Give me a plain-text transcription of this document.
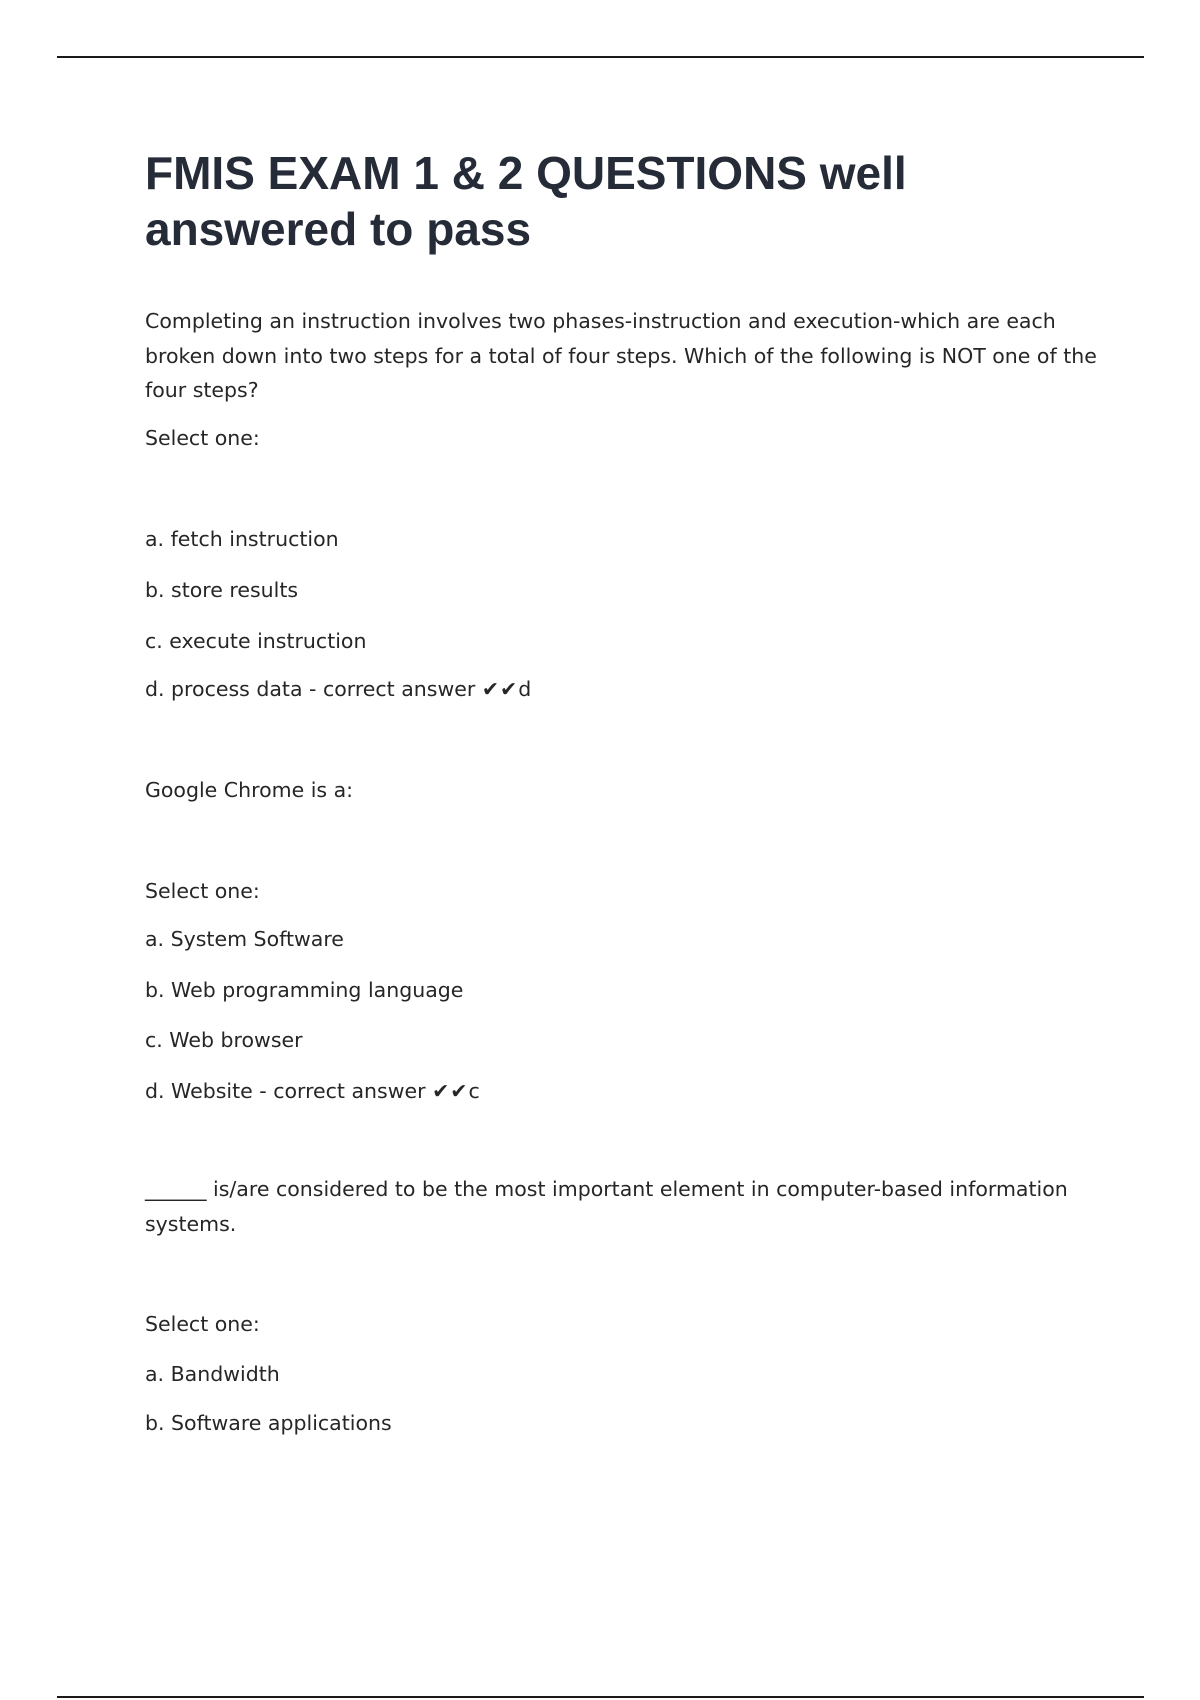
FMIS EXAM 1 & 2 QUESTIONS well answered to pass

Completing an instruction involves two phases-instruction and execution-which are each broken down into two steps for a total of four steps. Which of the following is NOT one of the four steps?

Select one:

a. fetch instruction

b. store results

c. execute instruction

d. process data - correct answer ✔✔d

Google Chrome is a:

Select one:

a. System Software

b. Web programming language

c. Web browser

d. Website - correct answer ✔✔c

______ is/are considered to be the most important element in computer-based information systems.

Select one:

a. Bandwidth

b. Software applications
